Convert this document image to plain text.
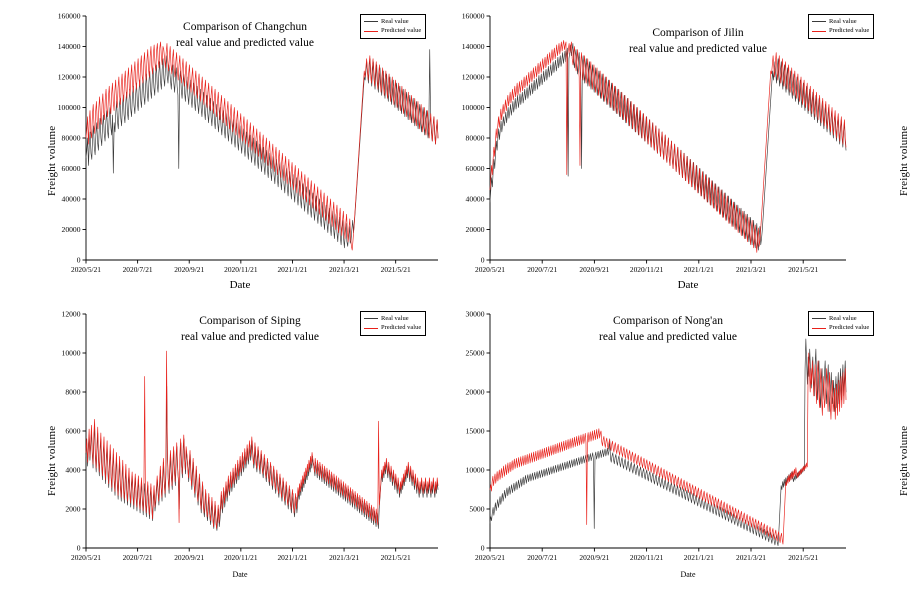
Freight volume
Comparison of Changchun
real value and predicted value
Real value
Predicted value
Date
0
20000
40000
60000
80000
100000
120000
140000
160000
2020/5/21	2020/7/21	2020/9/21	2020/11/21	2021/1/21	2021/3/21	2021/5/21
Freight volume
Comparison of Jilin
real value and predicted value
Real value
Predicted value
Date
0
20000
40000
60000
80000
100000
120000
140000
160000
2020/5/21	2020/7/21	2020/9/21	2020/11/21	2021/1/21	2021/3/21	2021/5/21
Freight volume
Comparison of Siping
real value and predicted value
Real value
Predicted value
Date
0
2000
4000
6000
8000
10000
12000
2020/5/21	2020/7/21	2020/9/21	2020/11/21	2021/1/21	2021/3/21	2021/5/21
Freight volume
Comparison of Nong'an
real value and predicted value
Real value
Predicted value
Date
0
5000
10000
15000
20000
25000
30000
2020/5/21	2020/7/21	2020/9/21	2020/11/21	2021/1/21	2021/3/21	2021/5/21
